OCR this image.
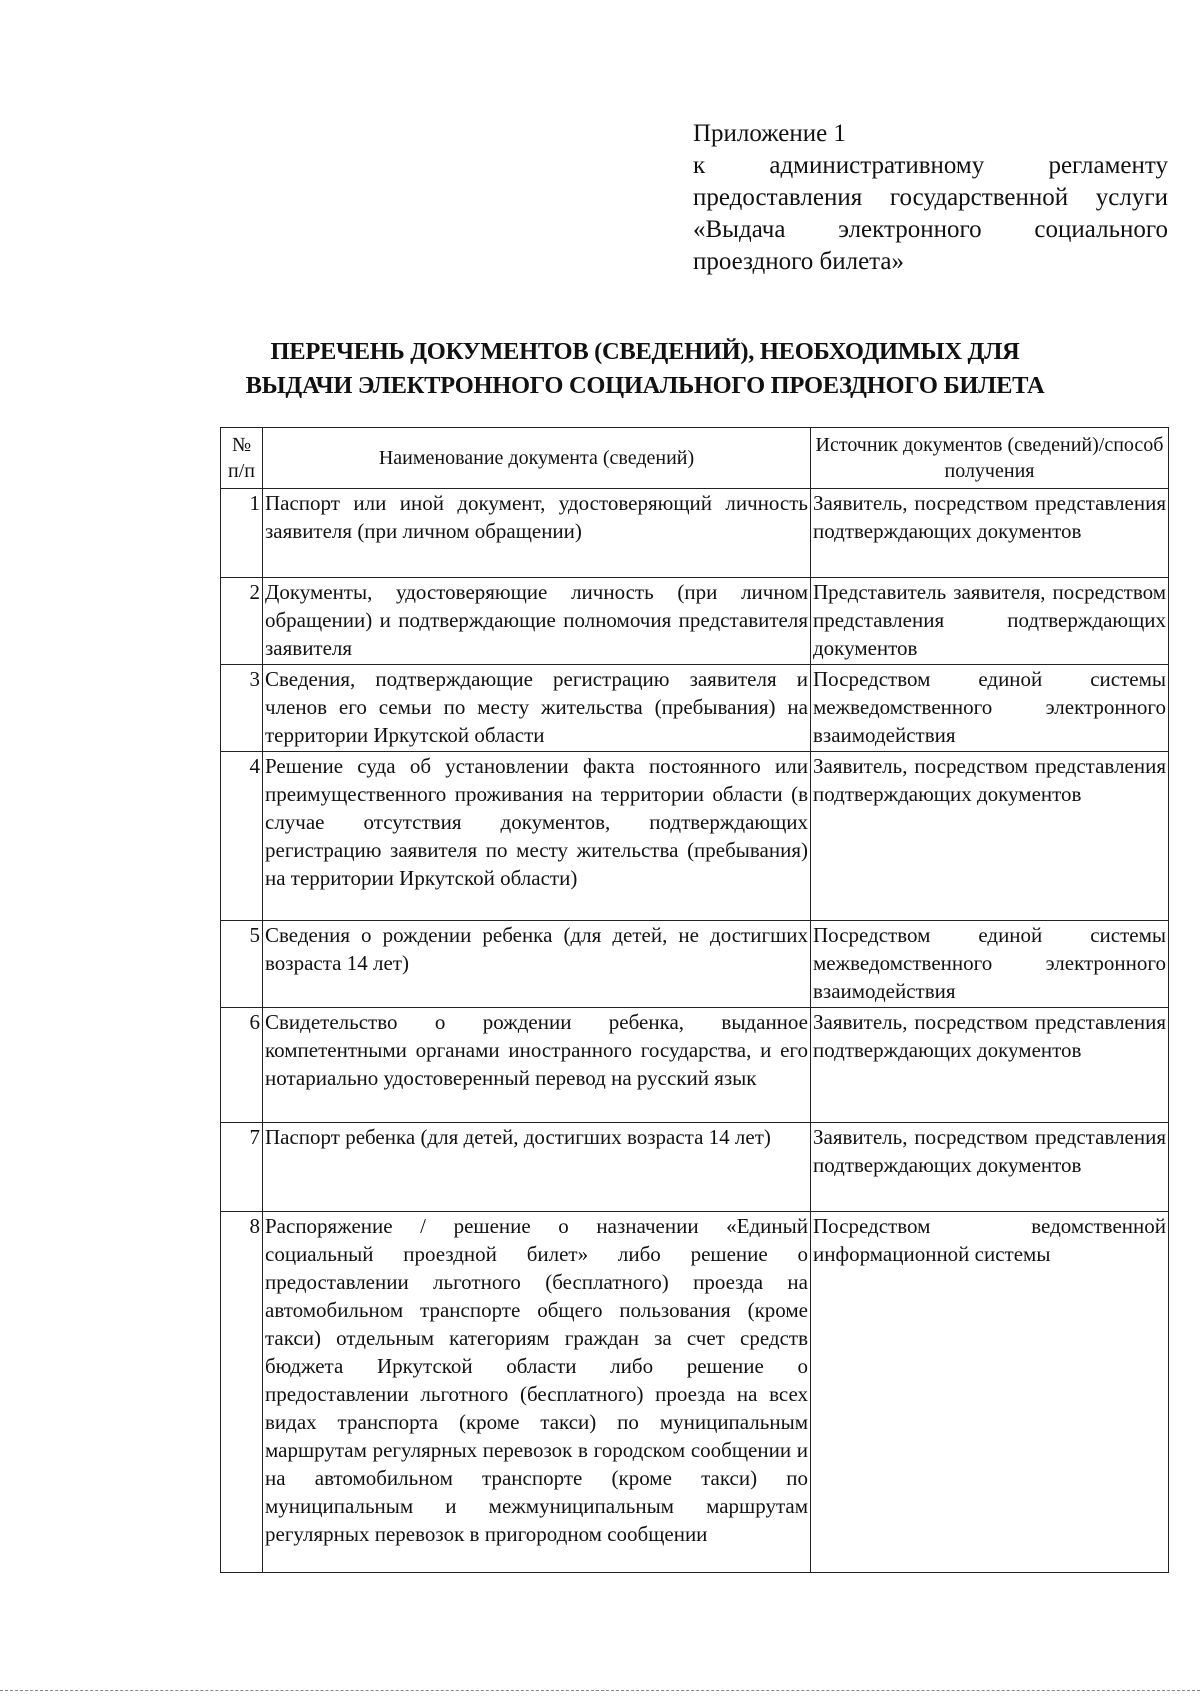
Приложение 1
к административному регламенту предоставления государственной услуги «Выдача электронного социального проездного билета»
ПЕРЕЧЕНЬ ДОКУМЕНТОВ (СВЕДЕНИЙ), НЕОБХОДИМЫХ ДЛЯ
ВЫДАЧИ ЭЛЕКТРОННОГО СОЦИАЛЬНОГО ПРОЕЗДНОГО БИЛЕТА
№ п/п	Наименование документа (сведений)	Источник документов (сведений)/способ получения
1	Паспорт или иной документ, удостоверяющий личность заявителя (при личном обращении)	Заявитель, посредством представления подтверждающих документов
2	Документы, удостоверяющие личность (при личном обращении) и подтверждающие полномочия представителя заявителя	Представитель заявителя, посредством представления подтверждающих документов
3	Сведения, подтверждающие регистрацию заявителя и членов его семьи по месту жительства (пребывания) на территории Иркутской области	Посредством единой системы межведомственного электронного взаимодействия
4	Решение суда об установлении факта постоянного или преимущественного проживания на территории области (в случае отсутствия документов, подтверждающих регистрацию заявителя по месту жительства (пребывания) на территории Иркутской области)	Заявитель, посредством представления подтверждающих документов
5	Сведения о рождении ребенка (для детей, не достигших возраста 14 лет)	Посредством единой системы межведомственного электронного взаимодействия
6	Свидетельство о рождении ребенка, выданное компетентными органами иностранного государства, и его нотариально удостоверенный перевод на русский язык	Заявитель, посредством представления подтверждающих документов
7	Паспорт ребенка (для детей, достигших возраста 14 лет)	Заявитель, посредством представления подтверждающих документов
8	Распоряжение / решение о назначении «Единый социальный проездной билет» либо решение о предоставлении льготного (бесплатного) проезда на автомобильном транспорте общего пользования (кроме такси) отдельным категориям граждан за счет средств бюджета Иркутской области либо решение о предоставлении льготного (бесплатного) проезда на всех видах транспорта (кроме такси) по муниципальным маршрутам регулярных перевозок в городском сообщении и на автомобильном транспорте (кроме такси) по муниципальным и межмуниципальным маршрутам регулярных перевозок в пригородном сообщении	Посредством ведомственной информационной системы
